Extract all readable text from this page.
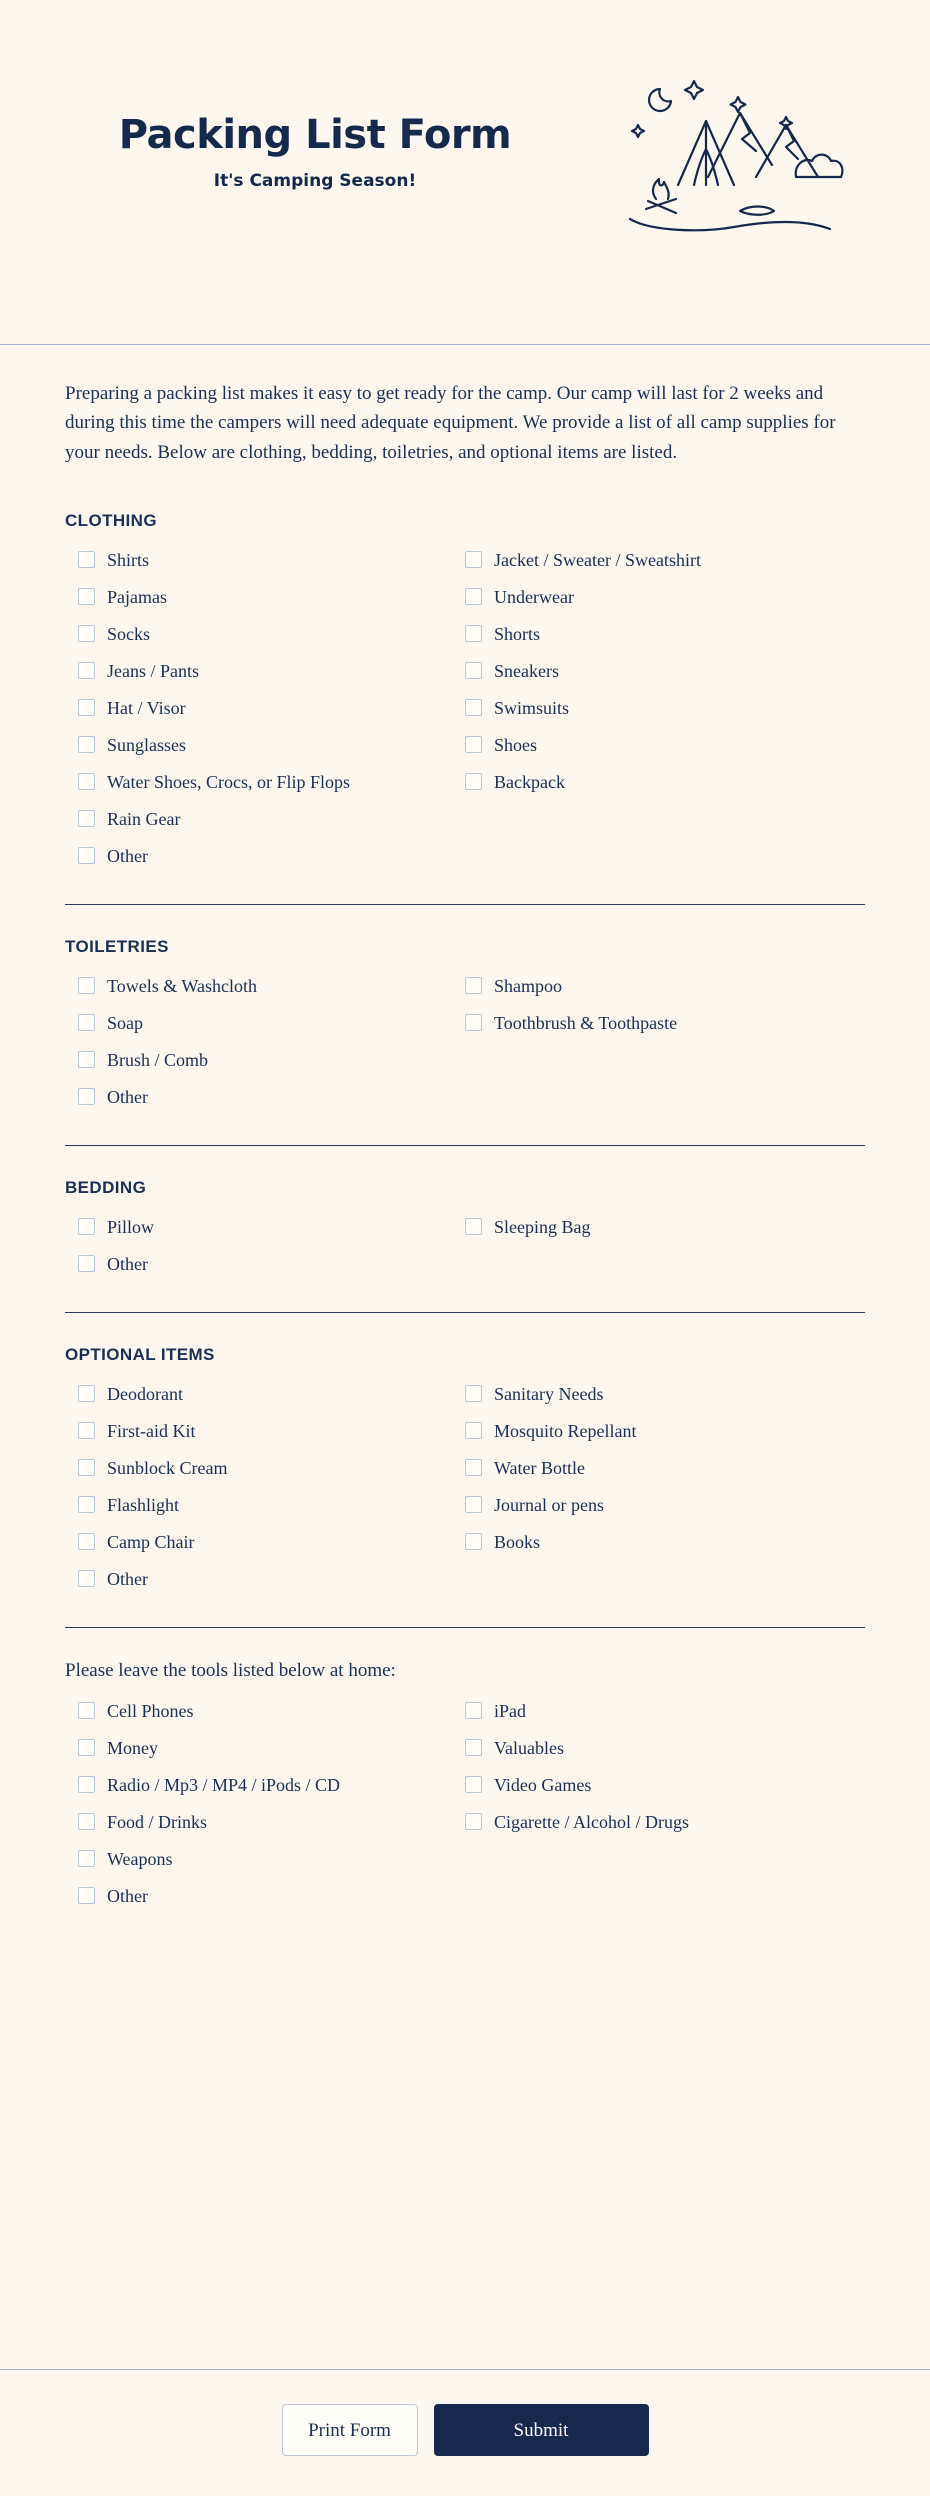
Packing List Form

It's Camping Season!

Preparing a packing list makes it easy to get ready for the camp. Our camp will last for 2 weeks and during this time the campers will need adequate equipment. We provide a list of all camp supplies for your needs. Below are clothing, bedding, toiletries, and optional items are listed.

CLOTHING
Shirts
Pajamas
Socks
Jeans / Pants
Hat / Visor
Sunglasses
Water Shoes, Crocs, or Flip Flops
Rain Gear
Other
Jacket / Sweater / Sweatshirt
Underwear
Shorts
Sneakers
Swimsuits
Shoes
Backpack
TOILETRIES
Towels & Washcloth
Soap
Brush / Comb
Other
Shampoo
Toothbrush & Toothpaste
BEDDING
Pillow
Other
Sleeping Bag
OPTIONAL ITEMS
Deodorant
First-aid Kit
Sunblock Cream
Flashlight
Camp Chair
Other
Sanitary Needs
Mosquito Repellant
Water Bottle
Journal or pens
Books

Please leave the tools listed below at home:

Cell Phones
Money
Radio / Mp3 / MP4 / iPods / CD
Food / Drinks
Weapons
Other
iPad
Valuables
Video Games
Cigarette / Alcohol / Drugs
Print Form	Submit
